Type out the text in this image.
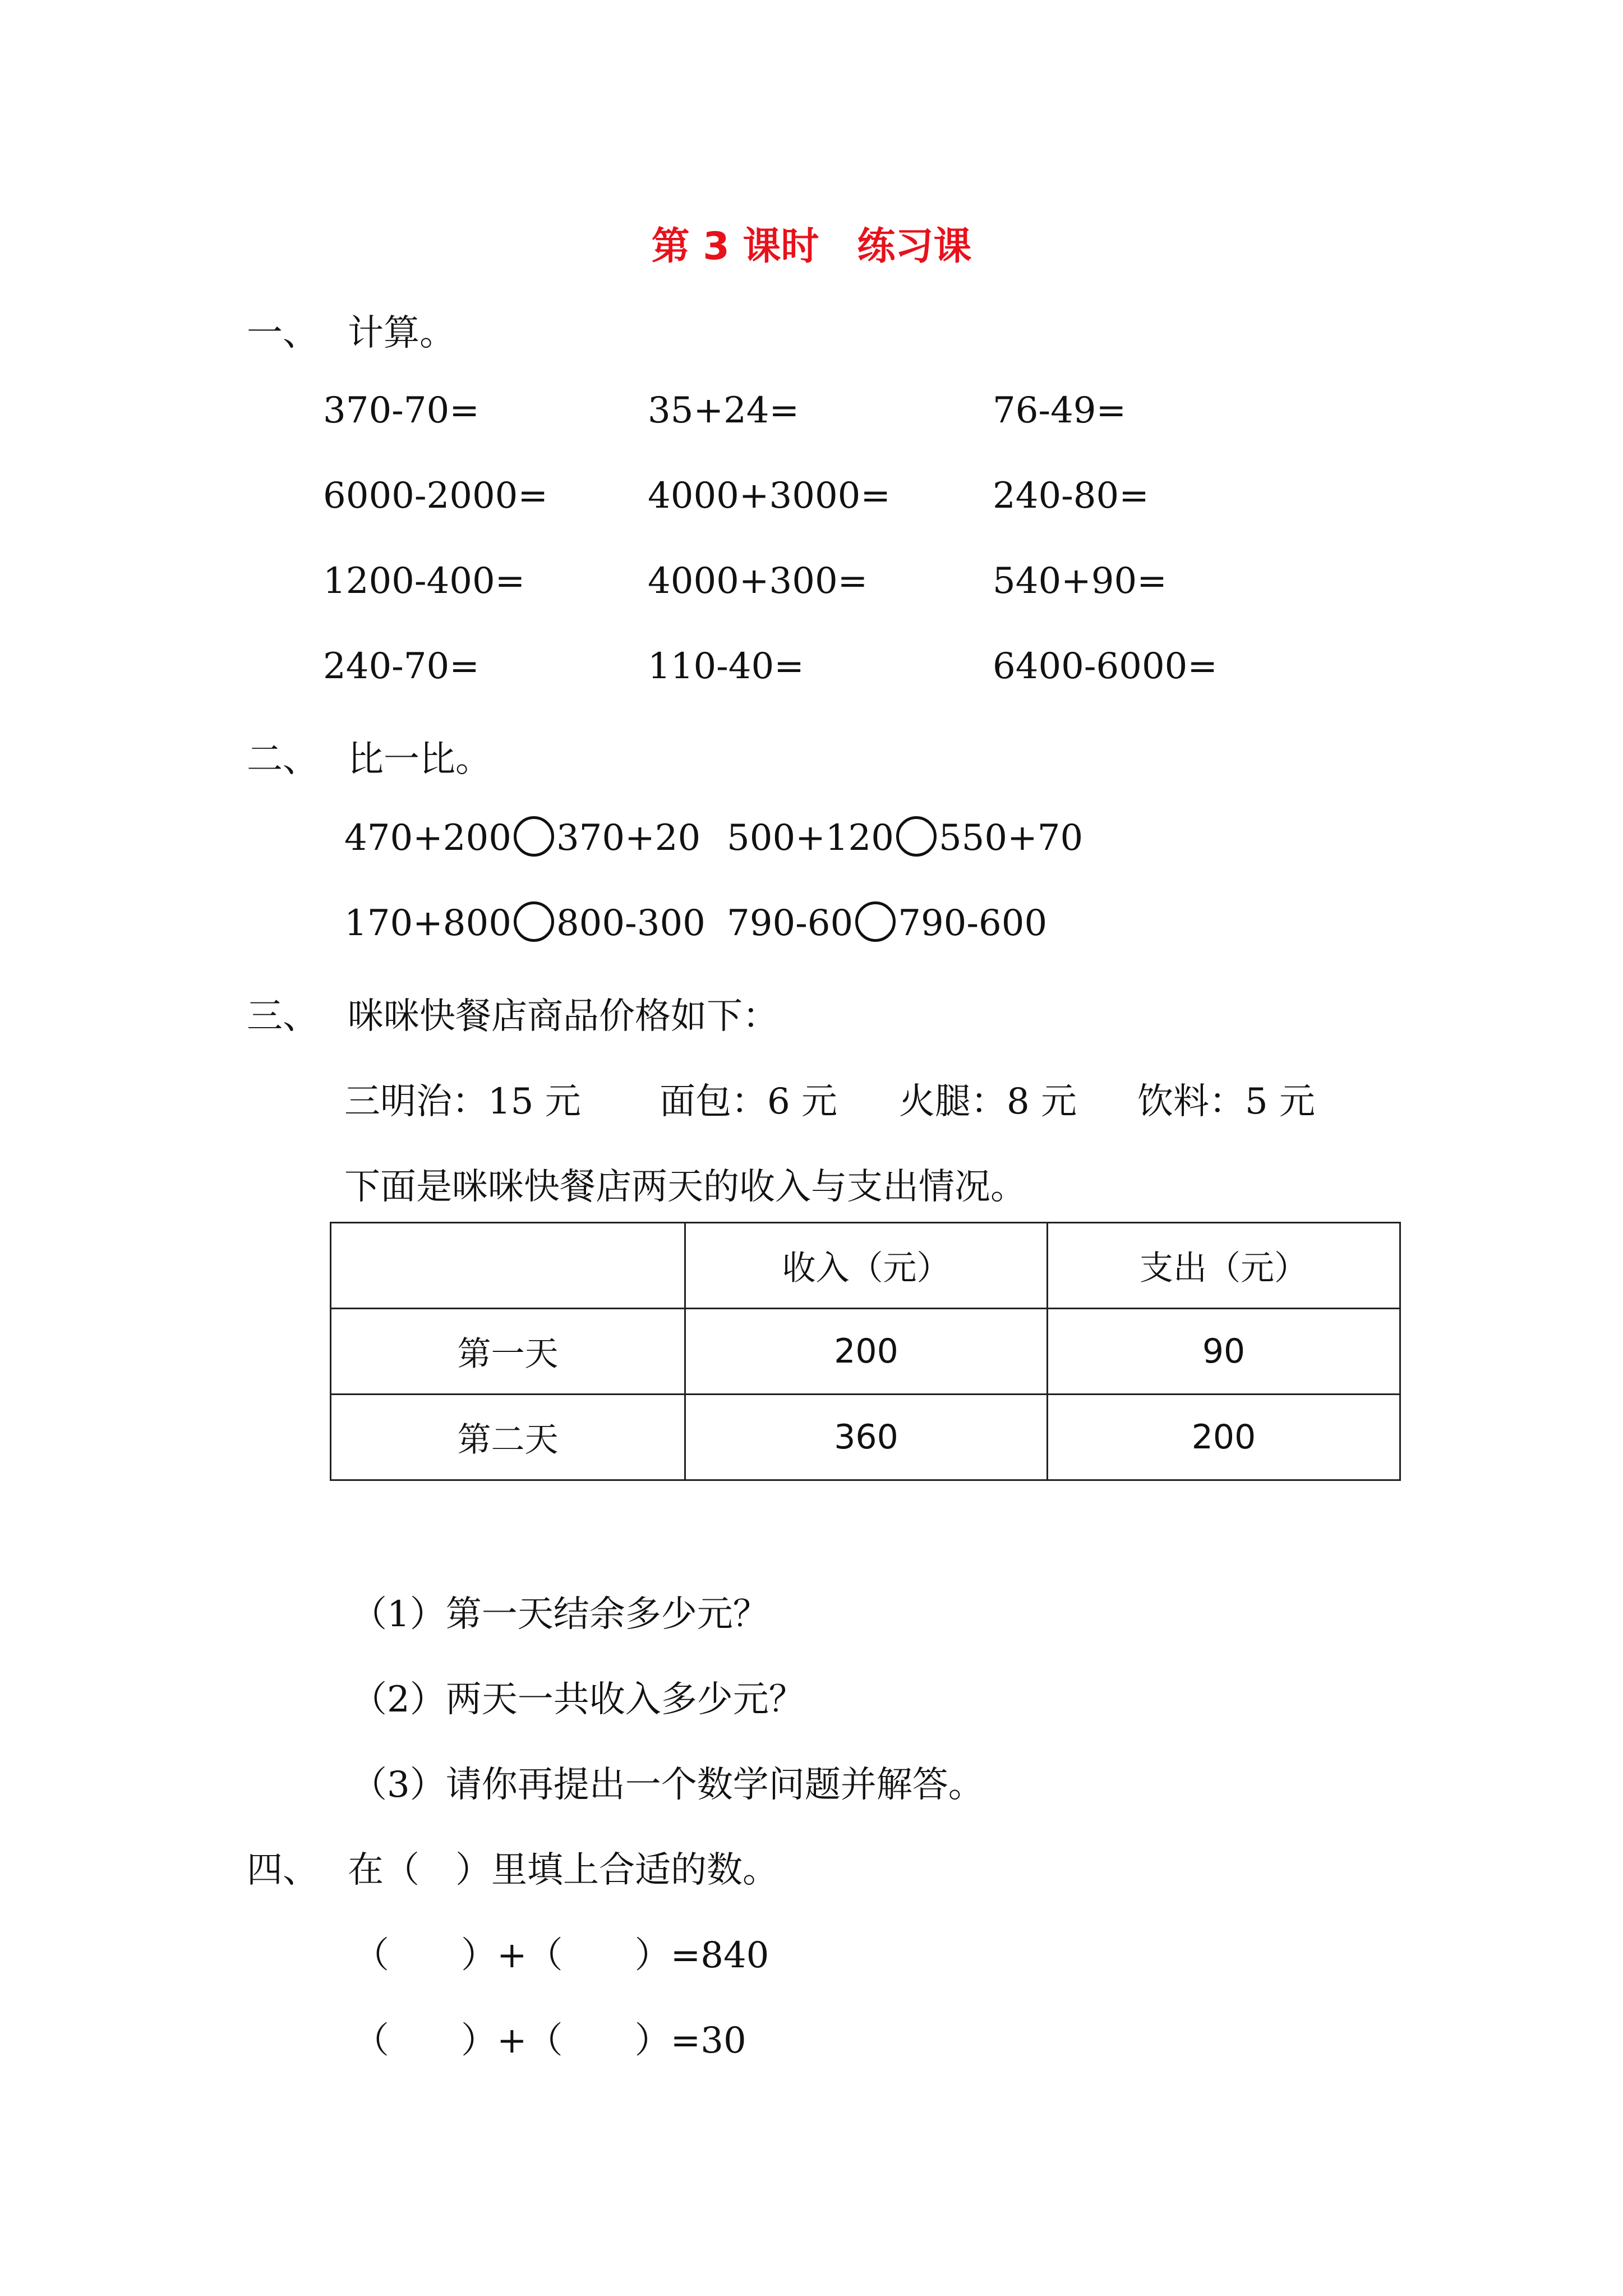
第 3 课时　练习课
一、 计算。
370-70=	35+24=	76-49=
6000-2000=	4000+3000=	240-80=
1200-400=	4000+300=	540+90=
240-70=	110-40=	6400-6000=
二、 比一比。
470+200 370+20 500+120 550+70
170+800 800-300 790-60 790-600
三、 咪咪快餐店商品价格如下：
三明治：15 元 面包：6 元 火腿：8 元 饮料：5 元
下面是咪咪快餐店两天的收入与支出情况。
	收入（元）	支出（元）
第一天	200	90
第二天	360	200
（1）第一天结余多少元？
（2）两天一共收入多少元？
（3）请你再提出一个数学问题并解答。
四、 在（　）里填上合适的数。
（　　）+（　　）=840
（　　）+（　　）=30
